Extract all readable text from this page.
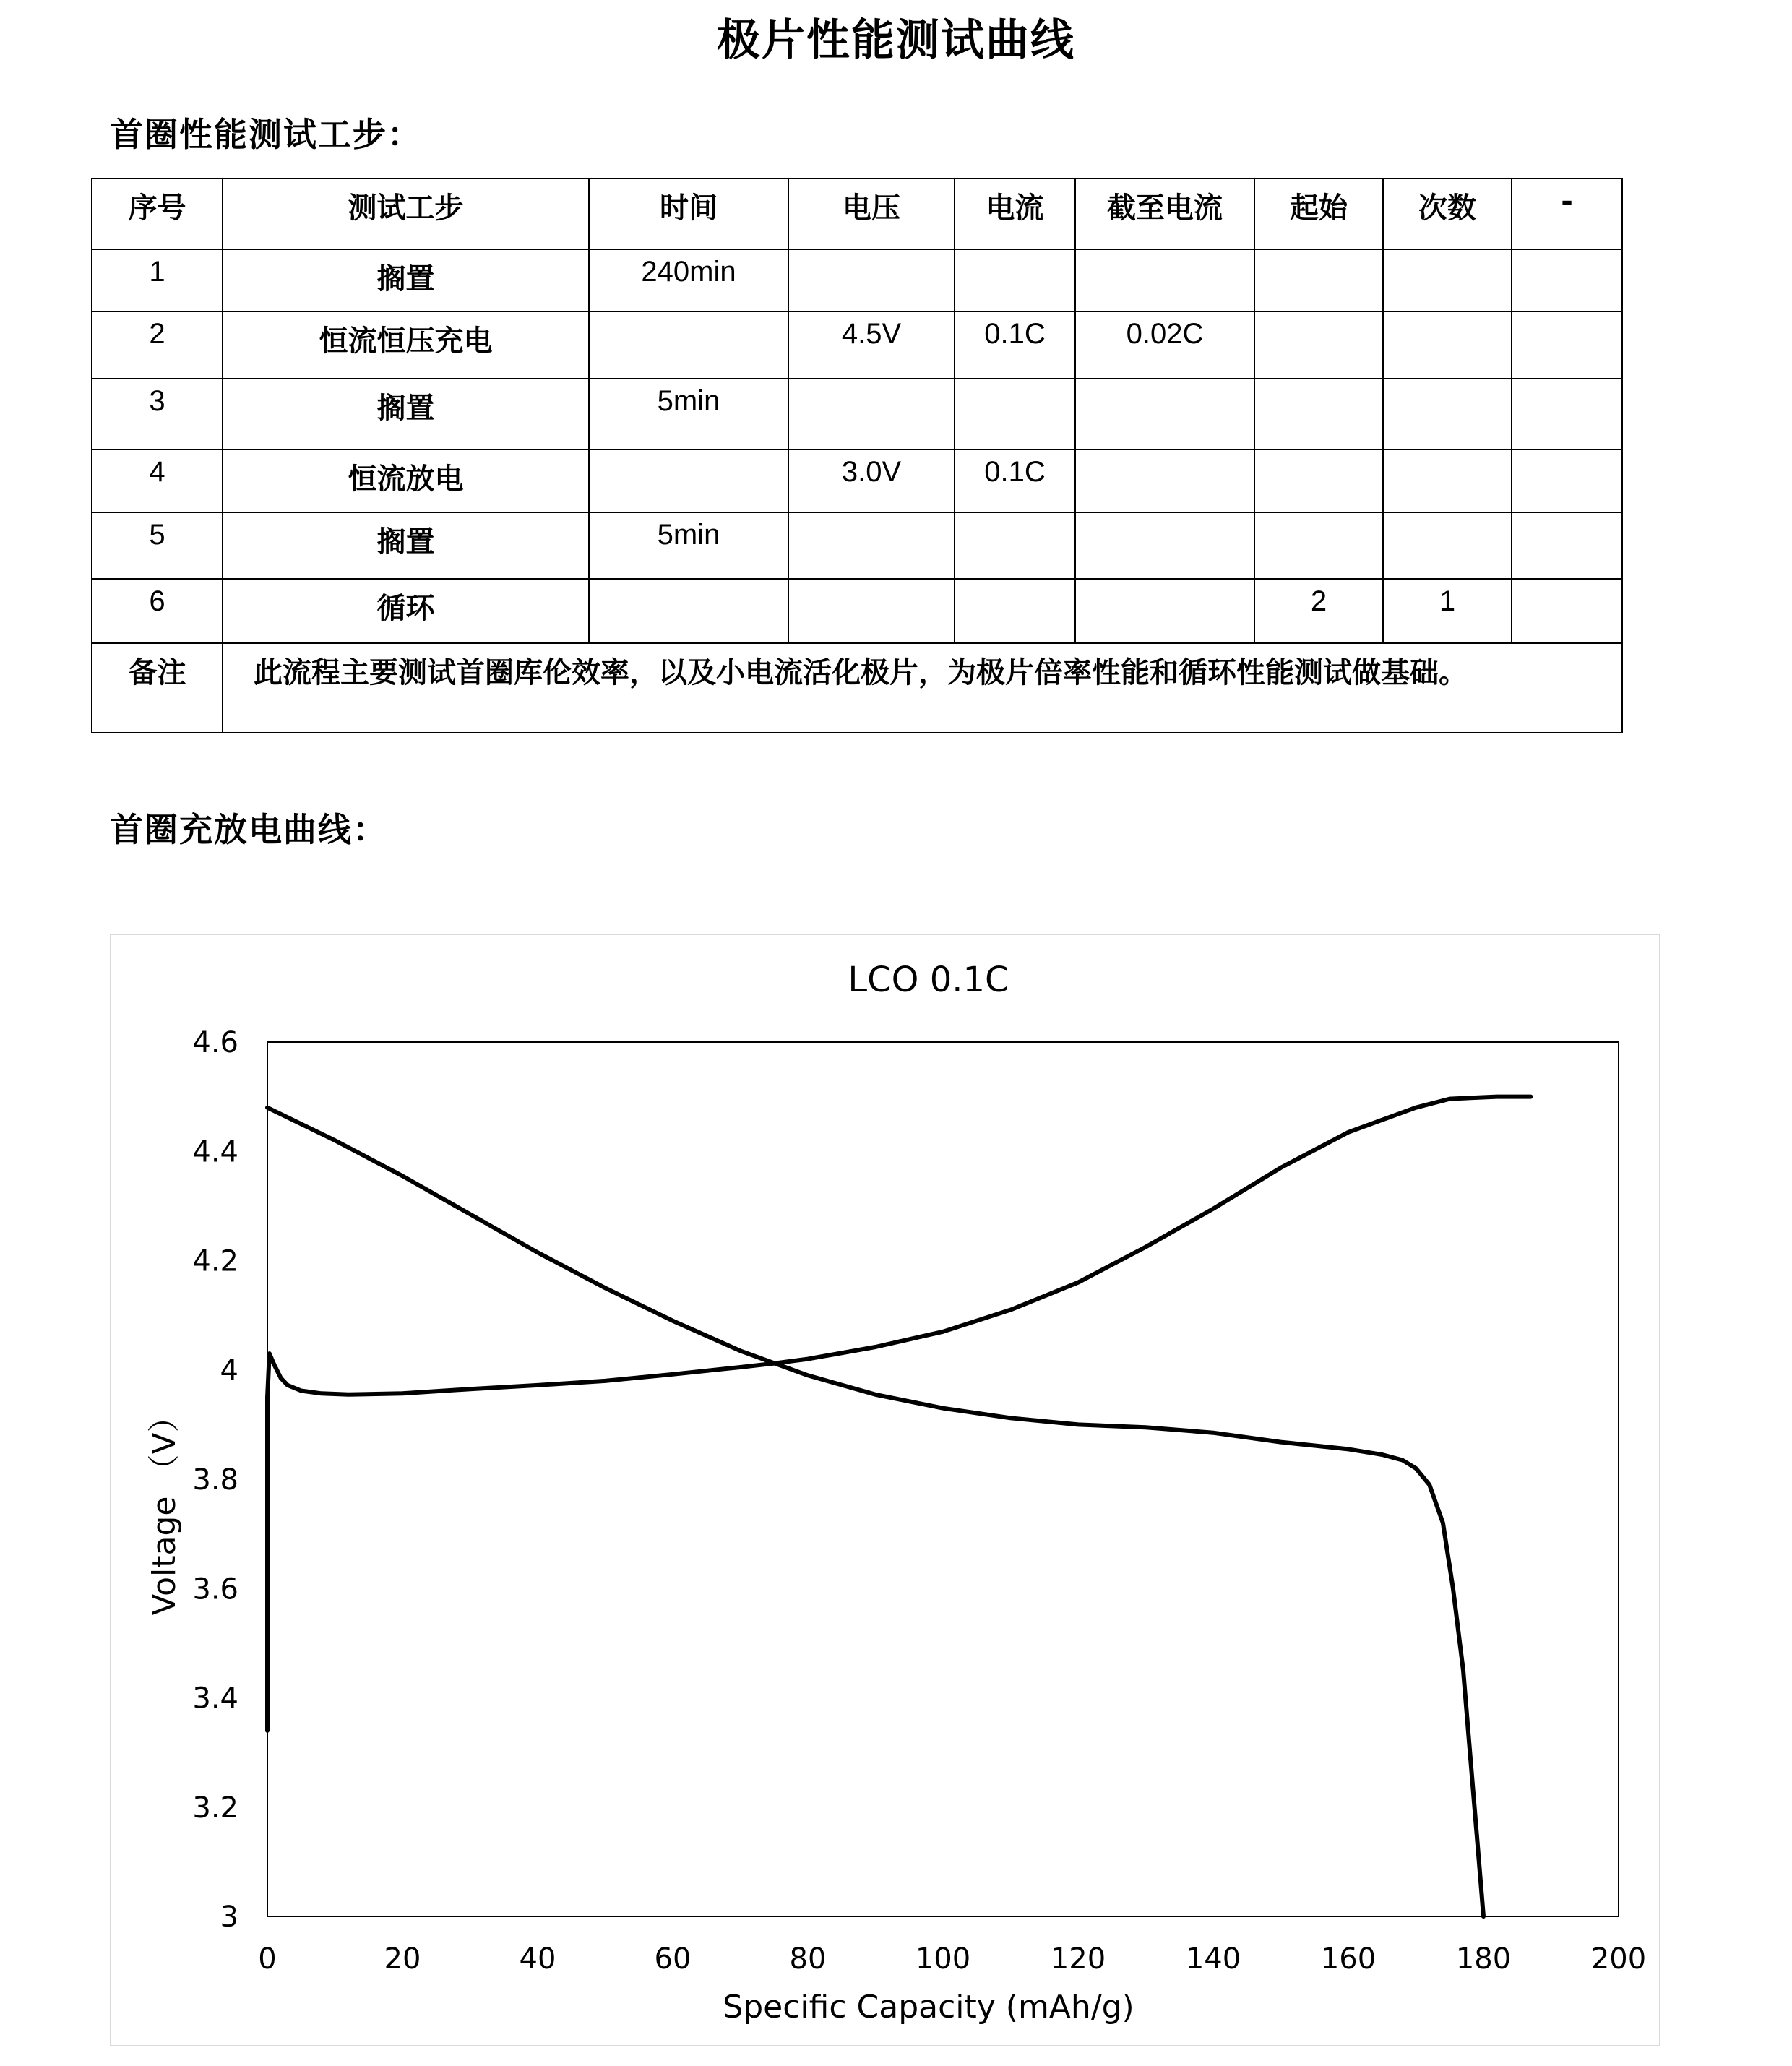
极片性能测试曲线
首圈性能测试工步：
序号	测试工步	时间	电压	电流	截至电流	起始	次数	-
1	搁置	240min						
2	恒流恒压充电		4.5V	0.1C	0.02C			
3	搁置	5min						
4	恒流放电		3.0V	0.1C				
5	搁置	5min						
6	循环					2	1	
备注	此流程主要测试首圈库伦效率，以及小电流活化极片，为极片倍率性能和循环性能测试做基础。							
首圈充放电曲线：
LCO 0.1C
0	20	40	60	80	100	120	140	160	180	200
3
3.2
3.4
3.6
3.8
4
4.2
4.4
4.6
Specific Capacity (mAh/g)
Voltage （V）
